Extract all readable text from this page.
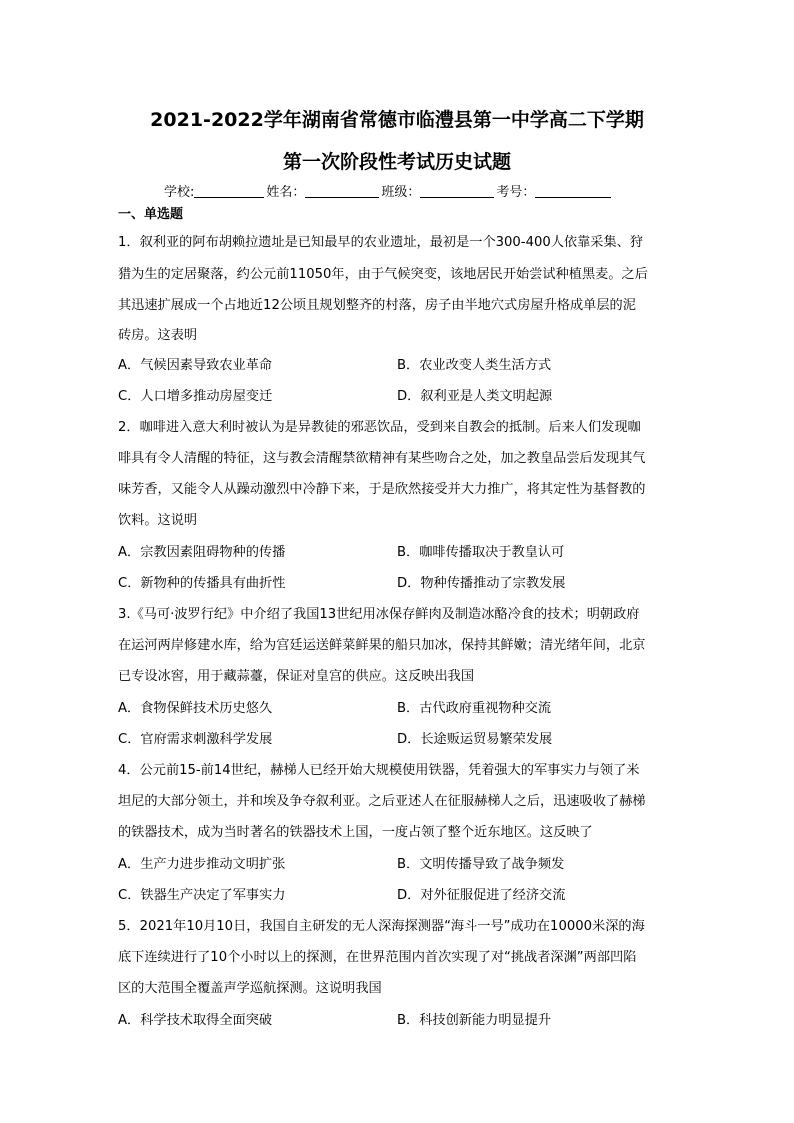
2021-2022学年湖南省常德市临澧县第一中学高二下学期
第一次阶段性考试历史试题
学校:	姓名：	班级：	考号：
一、单选题
1．叙利亚的阿布胡赖拉遗址是已知最早的农业遗址，最初是一个300-400人依靠采集、狩
猎为生的定居聚落，约公元前11050年，由于气候突变，该地居民开始尝试种植黑麦。之后
其迅速扩展成一个占地近12公顷且规划整齐的村落，房子由半地穴式房屋升格成单层的泥
砖房。这表明
A．气候因素导致农业革命	B．农业改变人类生活方式
C．人口增多推动房屋变迁	D．叙利亚是人类文明起源
2．咖啡进入意大利时被认为是异教徒的邪恶饮品，受到来自教会的抵制。后来人们发现咖
啡具有令人清醒的特征，这与教会清醒禁欲精神有某些吻合之处，加之教皇品尝后发现其气
味芳香，又能令人从躁动激烈中冷静下来，于是欣然接受并大力推广，将其定性为基督教的
饮料。这说明
A．宗教因素阻碍物种的传播	B．咖啡传播取决于教皇认可
C．新物种的传播具有曲折性	D．物种传播推动了宗教发展
3.《马可·波罗行纪》中介绍了我国13世纪用冰保存鲜肉及制造冰酪冷食的技术；明朝政府
在运河两岸修建水库，给为宫廷运送鲜菜鲜果的船只加冰，保持其鲜嫩；清光绪年间，北京
已专设冰窖，用于藏蒜薹，保证对皇宫的供应。这反映出我国
A．食物保鲜技术历史悠久	B．古代政府重视物种交流
C．官府需求刺激科学发展	D．长途贩运贸易繁荣发展
4．公元前15-前14世纪，赫梯人已经开始大规模使用铁器，凭着强大的军事实力与领了米
坦尼的大部分领土，并和埃及争夺叙利亚。之后亚述人在征服赫梯人之后，迅速吸收了赫梯
的铁器技术，成为当时著名的铁器技术上国，一度占领了整个近东地区。这反映了
A．生产力进步推动文明扩张	B．文明传播导致了战争频发
C．铁器生产决定了军事实力	D．对外征服促进了经济交流
5．2021年10月10日，我国自主研发的无人深海探测器“海斗一号”成功在10000米深的海
底下连续进行了10个小时以上的探测，在世界范围内首次实现了对“挑战者深渊”两部凹陷
区的大范围全覆盖声学巡航探测。这说明我国
A．科学技术取得全面突破	B．科技创新能力明显提升
